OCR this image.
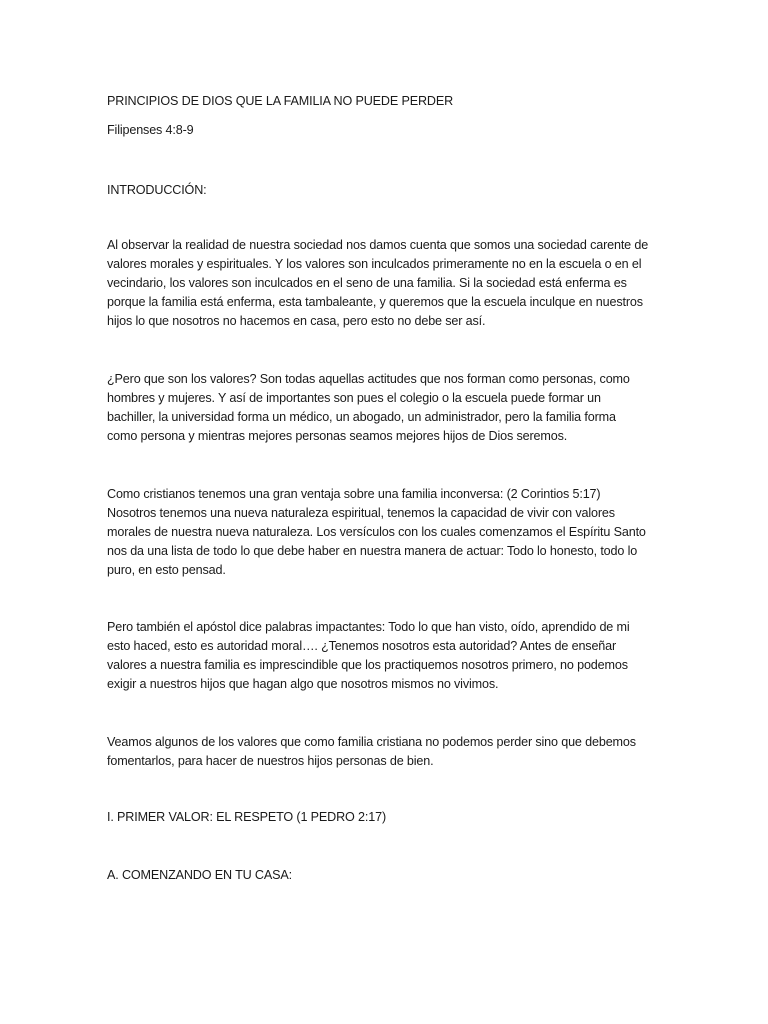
PRINCIPIOS DE DIOS QUE LA FAMILIA NO PUEDE PERDER

Filipenses 4:8-9

INTRODUCCIÓN:

Al observar la realidad de nuestra sociedad nos damos cuenta que somos una sociedad carente de
valores morales y espirituales. Y los valores son inculcados primeramente no en la escuela o en el
vecindario, los valores son inculcados en el seno de una familia. Si la sociedad está enferma es
porque la familia está enferma, esta tambaleante, y queremos que la escuela inculque en nuestros
hijos lo que nosotros no hacemos en casa, pero esto no debe ser así.
¿Pero que son los valores? Son todas aquellas actitudes que nos forman como personas, como
hombres y mujeres. Y así de importantes son pues el colegio o la escuela puede formar un
bachiller, la universidad forma un médico, un abogado, un administrador, pero la familia forma
como persona y mientras mejores personas seamos mejores hijos de Dios seremos.
Como cristianos tenemos una gran ventaja sobre una familia inconversa: (2 Corintios 5:17)
Nosotros tenemos una nueva naturaleza espiritual, tenemos la capacidad de vivir con valores
morales de nuestra nueva naturaleza. Los versículos con los cuales comenzamos el Espíritu Santo
nos da una lista de todo lo que debe haber en nuestra manera de actuar: Todo lo honesto, todo lo
puro, en esto pensad.
Pero también el apóstol dice palabras impactantes: Todo lo que han visto, oído, aprendido de mi
esto haced, esto es autoridad moral…. ¿Tenemos nosotros esta autoridad? Antes de enseñar
valores a nuestra familia es imprescindible que los practiquemos nosotros primero, no podemos
exigir a nuestros hijos que hagan algo que nosotros mismos no vivimos.
Veamos algunos de los valores que como familia cristiana no podemos perder sino que debemos
fomentarlos, para hacer de nuestros hijos personas de bien.

I. PRIMER VALOR: EL RESPETO (1 PEDRO 2:17)

A. COMENZANDO EN TU CASA:
